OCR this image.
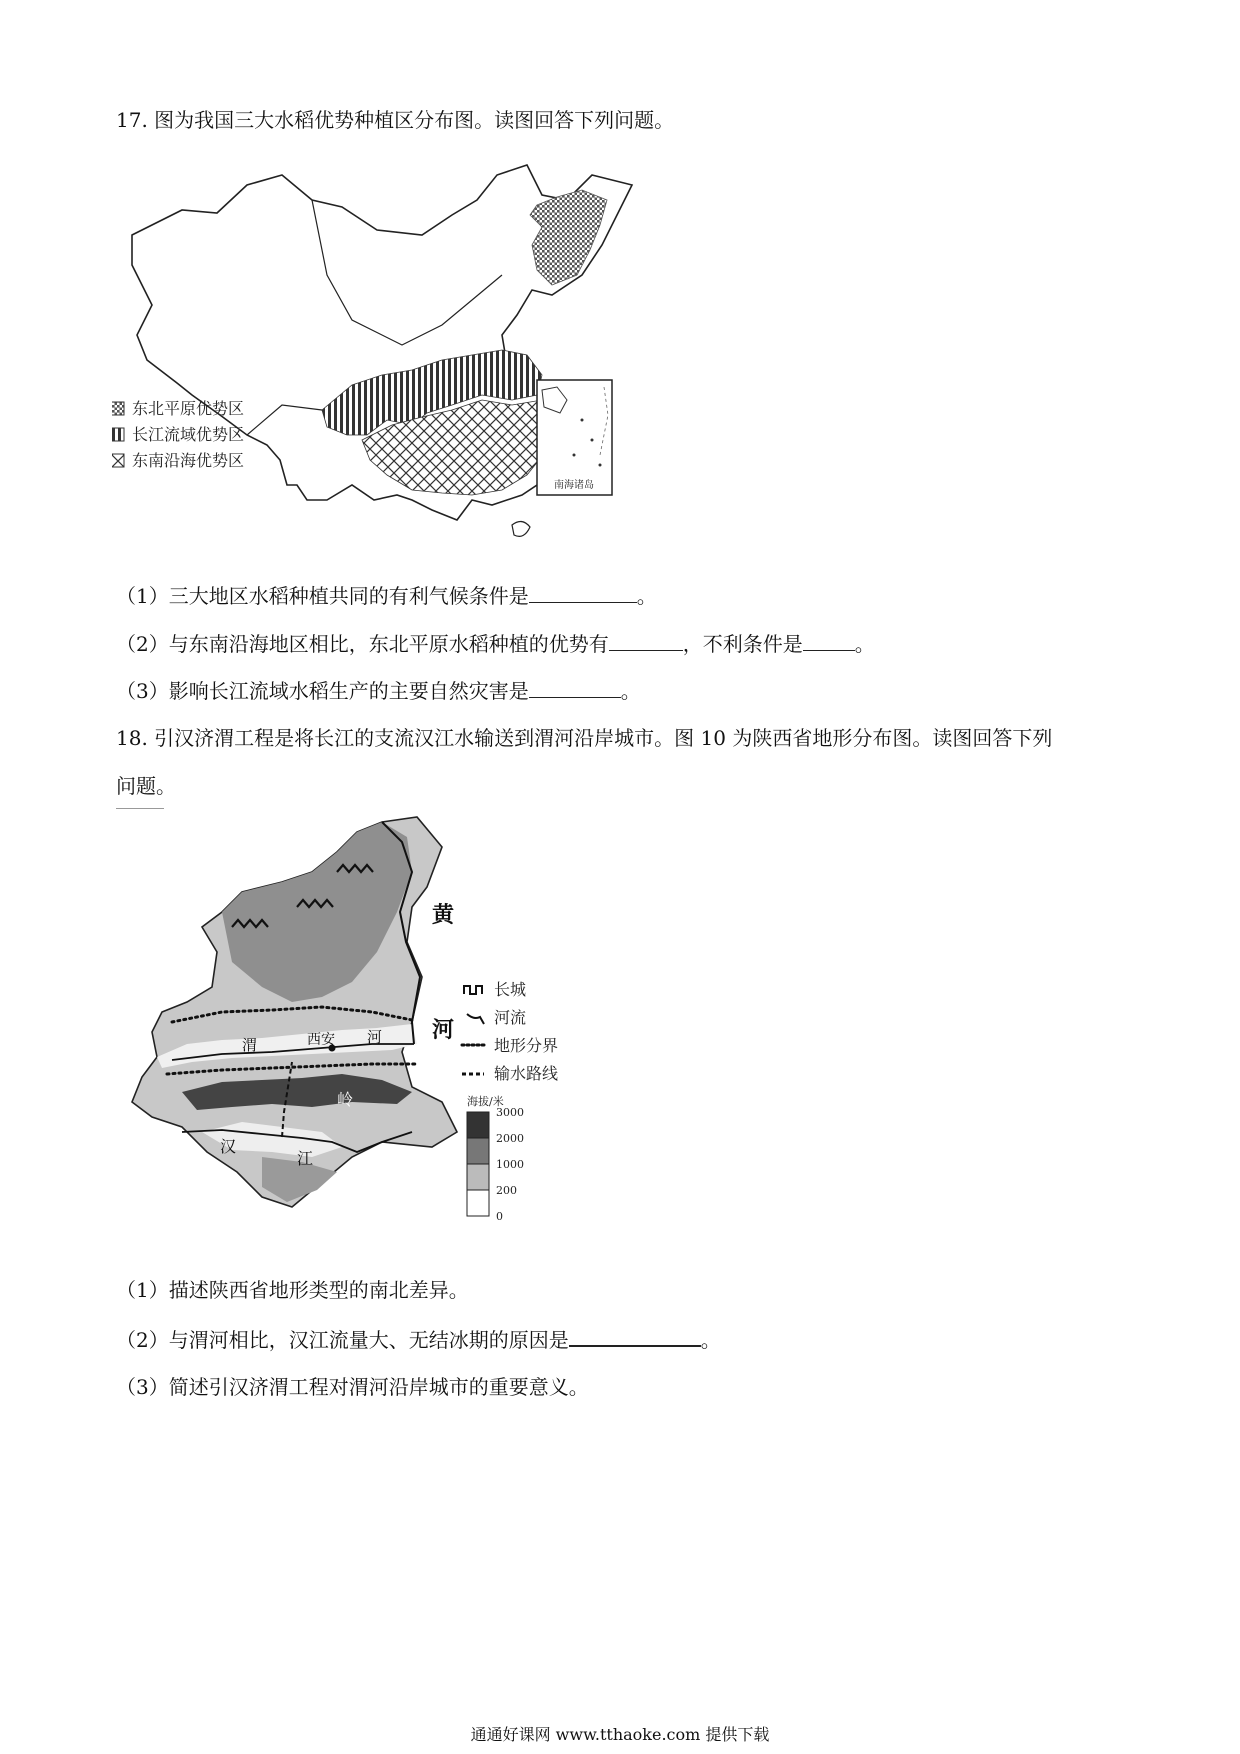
17. 图为我国三大水稻优势种植区分布图。读图回答下列问题。
南海诸岛
东北平原优势区
长江流域优势区
东南沿海优势区
（1）三大地区水稻种植共同的有利气候条件是	。
（2）与东南沿海地区相比，东北平原水稻种植的优势有	，不利条件是	。
（3）影响长江流域水稻生产的主要自然灾害是	。
18. 引汉济渭工程是将长江的支流汉江水输送到渭河沿岸城市。图 10 为陕西省地形分布图。读图回答下列
问题。
黄
河
渭	西安 河
岭
汉
江
长城
河流
地形分界
输水路线
海拔/米
3000
2000
1000
200
0
（1）描述陕西省地形类型的南北差异。
（2）与渭河相比，汉江流量大、无结冰期的原因是	。
（3）简述引汉济渭工程对渭河沿岸城市的重要意义。
通通好课网 www.tthaoke.com 提供下载
